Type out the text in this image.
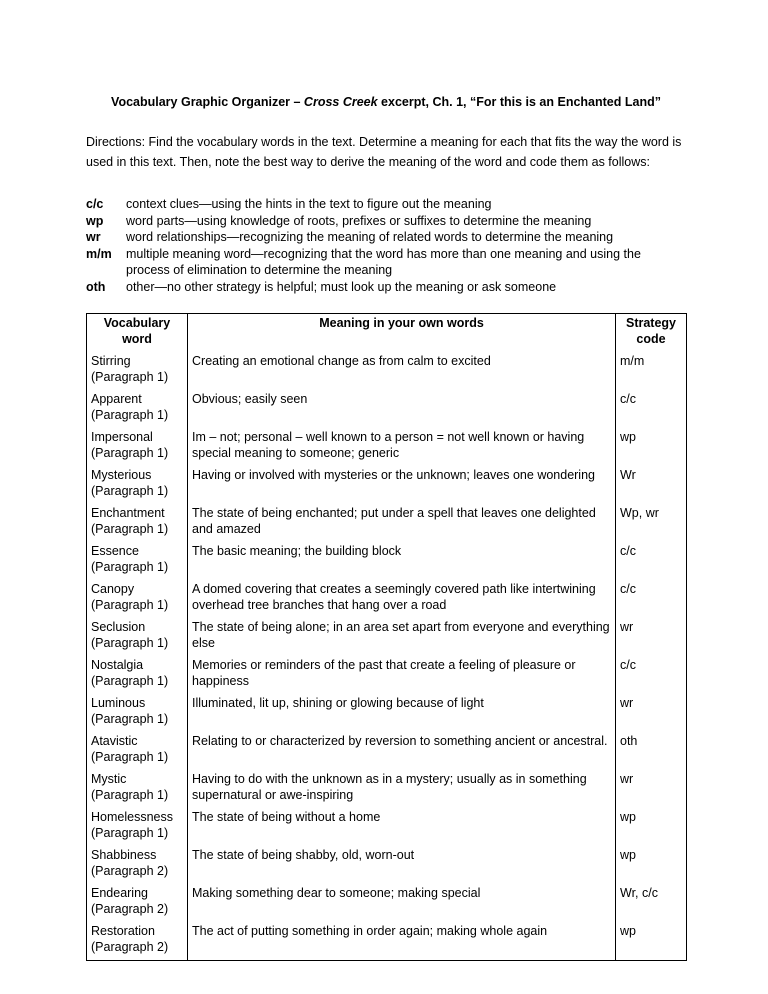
Vocabulary Graphic Organizer – Cross Creek excerpt, Ch. 1, “For this is an Enchanted Land”
Directions: Find the vocabulary words in the text. Determine a meaning for each that fits the way the word is used in this text. Then, note the best way to derive the meaning of the word and code them as follows:
c/c	context clues—using the hints in the text to figure out the meaning
wp	word parts—using knowledge of roots, prefixes or suffixes to determine the meaning
wr	word relationships—recognizing the meaning of related words to determine the meaning
m/m	multiple meaning word—recognizing that the word has more than one meaning and using the process of elimination to determine the meaning
oth	other—no other strategy is helpful; must look up the meaning or ask someone
Vocabulary word	Meaning in your own words	Strategy code

Stirring
(Paragraph 1)	Creating an emotional change as from calm to excited	m/m

Apparent
(Paragraph 1)	Obvious; easily seen	c/c

Impersonal
(Paragraph 1)	Im – not; personal – well known to a person = not well known or having special meaning to someone; generic	wp

Mysterious
(Paragraph 1)	Having or involved with mysteries or the unknown; leaves one wondering	Wr

Enchantment
(Paragraph 1)	The state of being enchanted; put under a spell that leaves one delighted and amazed	Wp, wr

Essence
(Paragraph 1)	The basic meaning; the building block	c/c

Canopy
(Paragraph 1)	A domed covering that creates a seemingly covered path like intertwining overhead tree branches that hang over a road	c/c

Seclusion
(Paragraph 1)	The state of being alone; in an area set apart from everyone and everything else	wr

Nostalgia
(Paragraph 1)	Memories or reminders of the past that create a feeling of pleasure or happiness	c/c

Luminous
(Paragraph 1)	Illuminated, lit up, shining or glowing because of light	wr

Atavistic
(Paragraph 1)	Relating to or characterized by reversion to something ancient or ancestral.	oth

Mystic
(Paragraph 1)	Having to do with the unknown as in a mystery; usually as in something supernatural or awe-inspiring	wr

Homelessness
(Paragraph 1)	The state of being without a home	wp

Shabbiness
(Paragraph 2)	The state of being shabby, old, worn-out	wp

Endearing
(Paragraph 2)	Making something dear to someone; making special	Wr, c/c

Restoration
(Paragraph 2)	The act of putting something in order again; making whole again	wp
